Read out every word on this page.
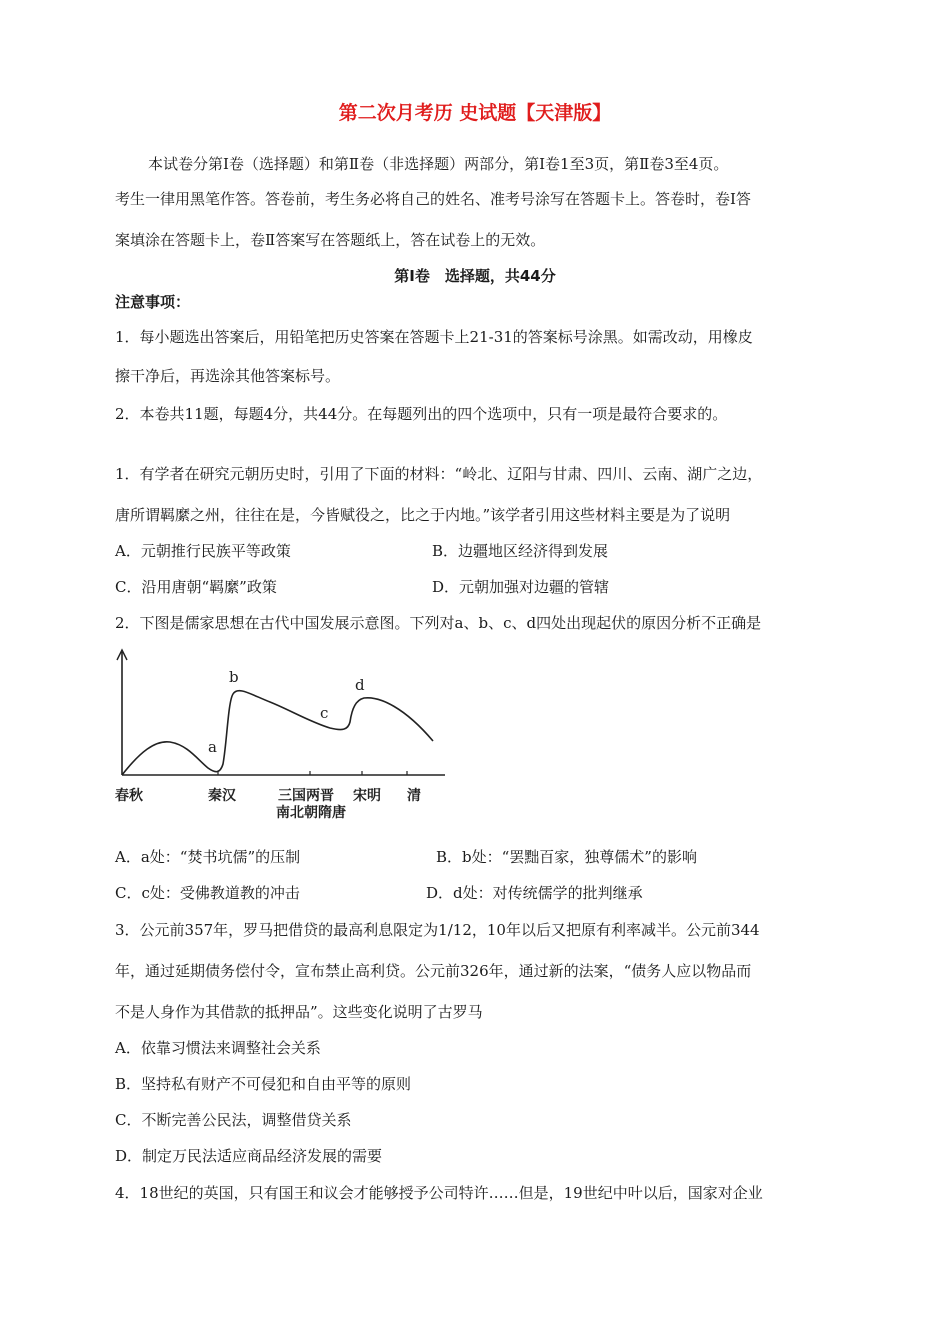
第二次月考历 史试题【天津版】
本试卷分第Ⅰ卷（选择题）和第Ⅱ卷（非选择题）两部分，第Ⅰ卷1至3页，第Ⅱ卷3至4页。
考生一律用黑笔作答。答卷前，考生务必将自己的姓名、准考号涂写在答题卡上。答卷时，卷Ⅰ答
案填涂在答题卡上，卷Ⅱ答案写在答题纸上，答在试卷上的无效。
第Ⅰ卷　选择题，共44分
注意事项：
1．每小题选出答案后，用铅笔把历史答案在答题卡上21-31的答案标号涂黑。如需改动，用橡皮
擦干净后，再选涂其他答案标号。
2．本卷共11题，每题4分，共44分。在每题列出的四个选项中，只有一项是最符合要求的。
1．有学者在研究元朝历史时，引用了下面的材料：“岭北、辽阳与甘肃、四川、云南、湖广之边，
唐所谓羁縻之州，往往在是，今皆赋役之，比之于内地。”该学者引用这些材料主要是为了说明
A．元朝推行民族平等政策	B．边疆地区经济得到发展
C．沿用唐朝“羁縻”政策	D．元朝加强对边疆的管辖
2．下图是儒家思想在古代中国发展示意图。下列对a、b、c、d四处出现起伏的原因分析不正确是
a
b
c
d
春秋	秦汉	三国两晋
南北朝隋唐
宋明 清
A．a处：“焚书坑儒”的压制	B．b处：“罢黜百家，独尊儒术”的影响
C．c处：受佛教道教的冲击	D．d处：对传统儒学的批判继承
3．公元前357年，罗马把借贷的最高利息限定为1/12，10年以后又把原有利率减半。公元前344
年，通过延期债务偿付令，宣布禁止高利贷。公元前326年，通过新的法案，“债务人应以物品而
不是人身作为其借款的抵押品”。这些变化说明了古罗马
A．依靠习惯法来调整社会关系
B．坚持私有财产不可侵犯和自由平等的原则
C．不断完善公民法，调整借贷关系
D．制定万民法适应商品经济发展的需要
4．18世纪的英国，只有国王和议会才能够授予公司特许……但是，19世纪中叶以后，国家对企业
